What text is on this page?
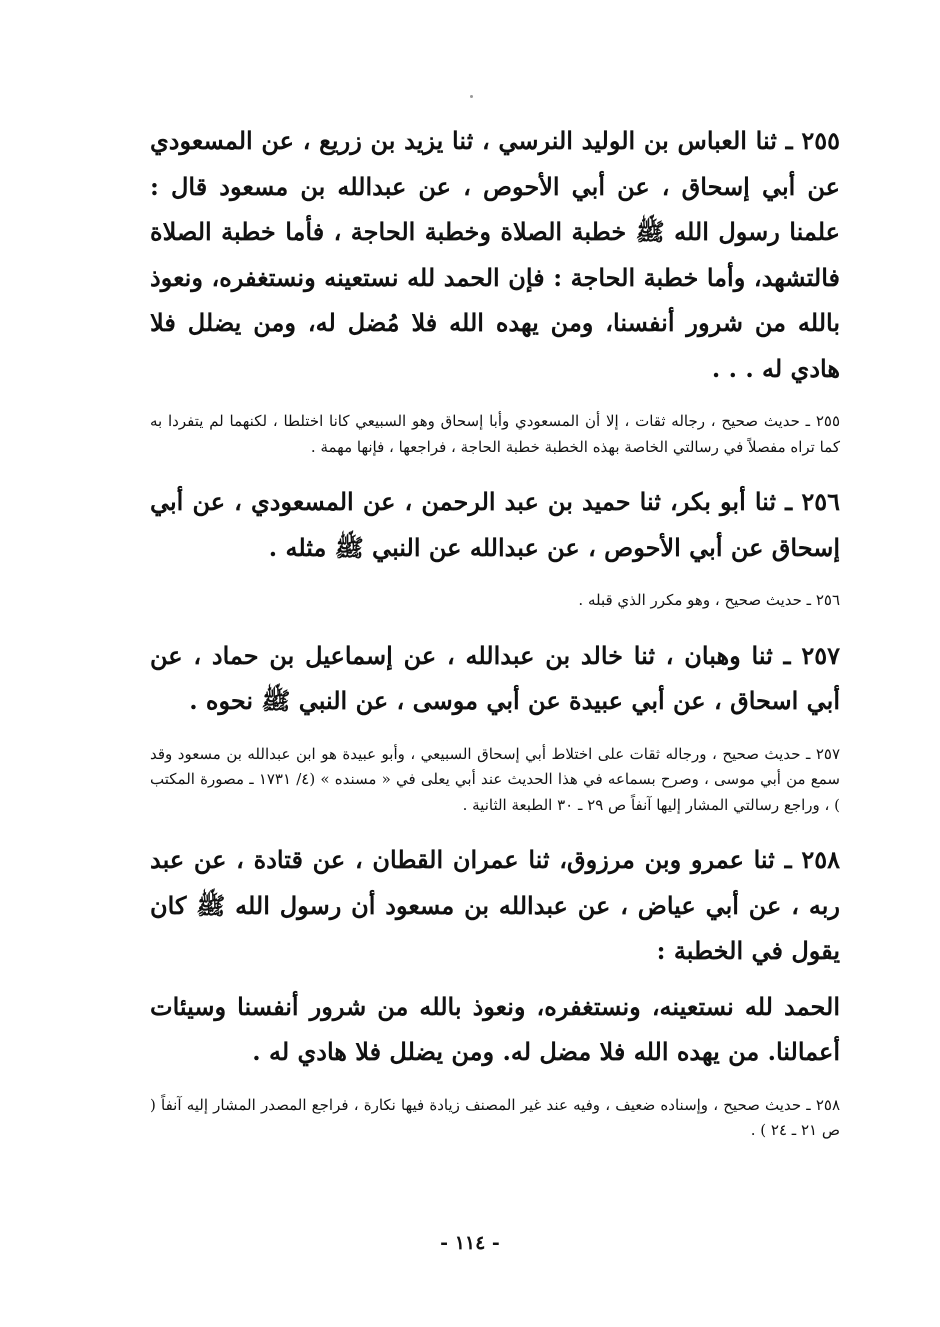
٢٥٥ ـ ثنا العباس بن الوليد النرسي ، ثنا يزيد بن زريع ، عن المسعودي عن أبي إسحاق ، عن أبي الأحوص ، عن عبدالله بن مسعود قال : علمنا رسول الله ﷺ خطبة الصلاة وخطبة الحاجة ، فأما خطبة الصلاة فالتشهد، وأما خطبة الحاجة : فإن الحمد لله نستعينه ونستغفره، ونعوذ بالله من شرور أنفسنا، ومن يهده الله فلا مُضل له، ومن يضلل فلا هادي له . . .

٢٥٥ ـ حديث صحيح ، رجاله ثقات ، إلا أن المسعودي وأبا إسحاق وهو السبيعي كانا اختلطا ، لكنهما لم يتفردا به كما تراه مفصلاً في رسالتي الخاصة بهذه الخطبة خطبة الحاجة ، فراجعها ، فإنها مهمة .

٢٥٦ ـ ثنا أبو بكر، ثنا حميد بن عبد الرحمن ، عن المسعودي ، عن أبي إسحاق عن أبي الأحوص ، عن عبدالله عن النبي ﷺ مثله .

٢٥٦ ـ حديث صحيح ، وهو مكرر الذي قبله .

٢٥٧ ـ ثنا وهبان ، ثنا خالد بن عبدالله ، عن إسماعيل بن حماد ، عن أبي اسحاق ، عن أبي عبيدة عن أبي موسى ، عن النبي ﷺ نحوه .

٢٥٧ ـ حديث صحيح ، ورجاله ثقات على اختلاط أبي إسحاق السبيعي ، وأبو عبيدة هو ابن عبدالله بن مسعود وقد سمع من أبي موسى ، وصرح بسماعه في هذا الحديث عند أبي يعلى في « مسنده » (٤/ ١٧٣١ ـ مصورة المكتب ) ، وراجع رسالتي المشار إليها آنفاً ص ٢٩ ـ ٣٠ الطبعة الثانية .

٢٥٨ ـ ثنا عمرو وبن مرزوق، ثنا عمران القطان ، عن قتادة ، عن عبد ربه ، عن أبي عياض ، عن عبدالله بن مسعود أن رسول الله ﷺ كان يقول في الخطبة :

الحمد لله نستعينه، ونستغفره، ونعوذ بالله من شرور أنفسنا وسيئات أعمالنا. من يهده الله فلا مضل له. ومن يضلل فلا هادي له .

٢٥٨ ـ حديث صحيح ، وإسناده ضعيف ، وفيه عند غير المصنف زيادة فيها نكارة ، فراجع المصدر المشار إليه آنفاً ( ص ٢١ ـ ٢٤ ) .

- ١١٤ -
